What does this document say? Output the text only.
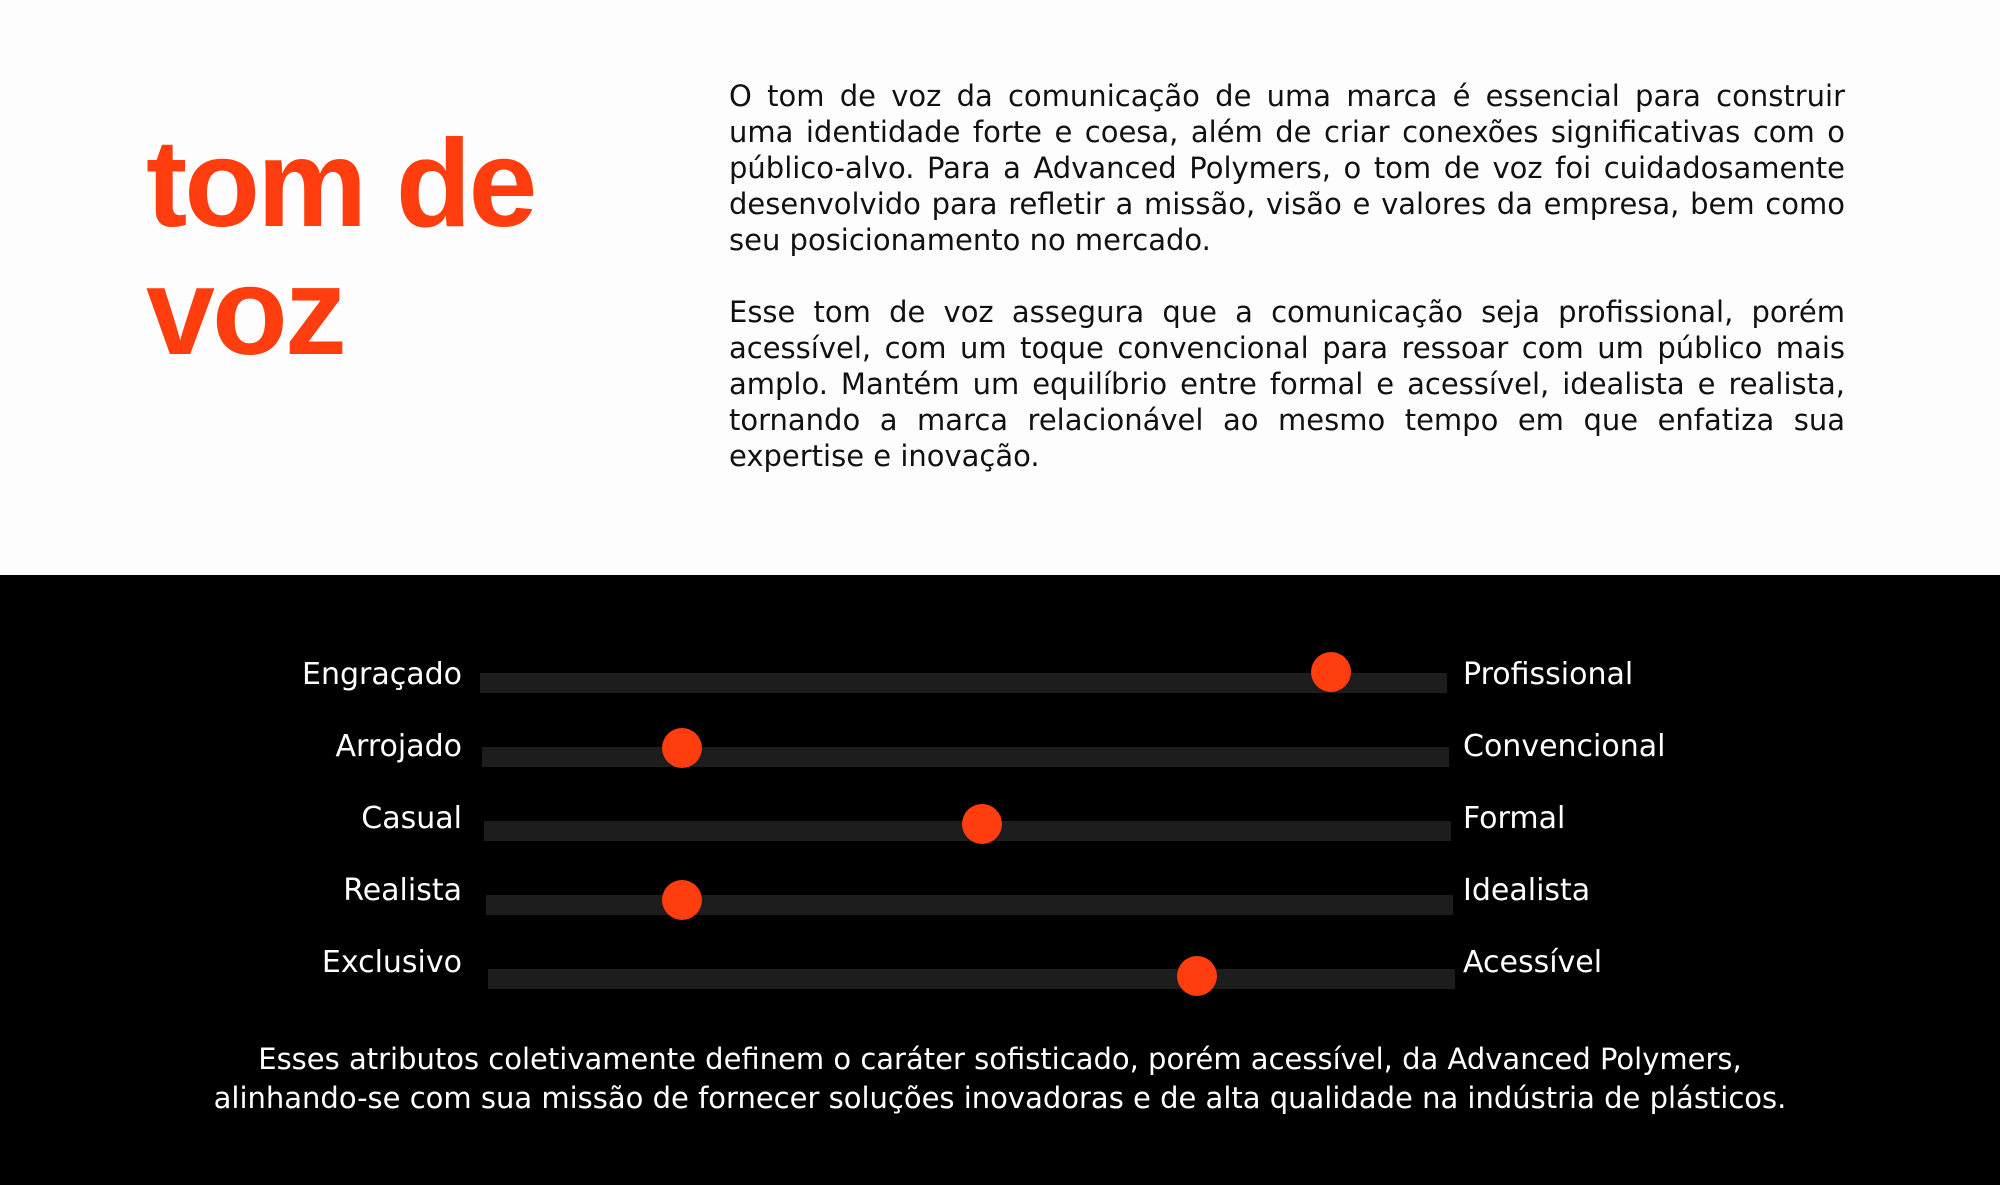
tom de
voz

O tom de voz da comunicação de uma marca é essencial para construir uma identidade forte e coesa, além de criar conexões significativas com o público-alvo. Para a Advanced Polymers, o tom de voz foi cuidadosamente desenvolvido para refletir a missão, visão e valores da empresa, bem como seu posicionamento no mercado.

Esse tom de voz assegura que a comunicação seja profissional, porém acessível, com um toque convencional para ressoar com um público mais amplo. Mantém um equilíbrio entre formal e acessível, idealista e realista, tornando a marca relacionável ao mesmo tempo em que enfatiza sua expertise e inovação.

Engraçado	Profissional
Arrojado	Convencional
Casual	Formal
Realista	Idealista
Exclusivo	Acessível
Esses atributos coletivamente definem o caráter sofisticado, porém acessível, da Advanced Polymers,
alinhando-se com sua missão de fornecer soluções inovadoras e de alta qualidade na indústria de plásticos.
